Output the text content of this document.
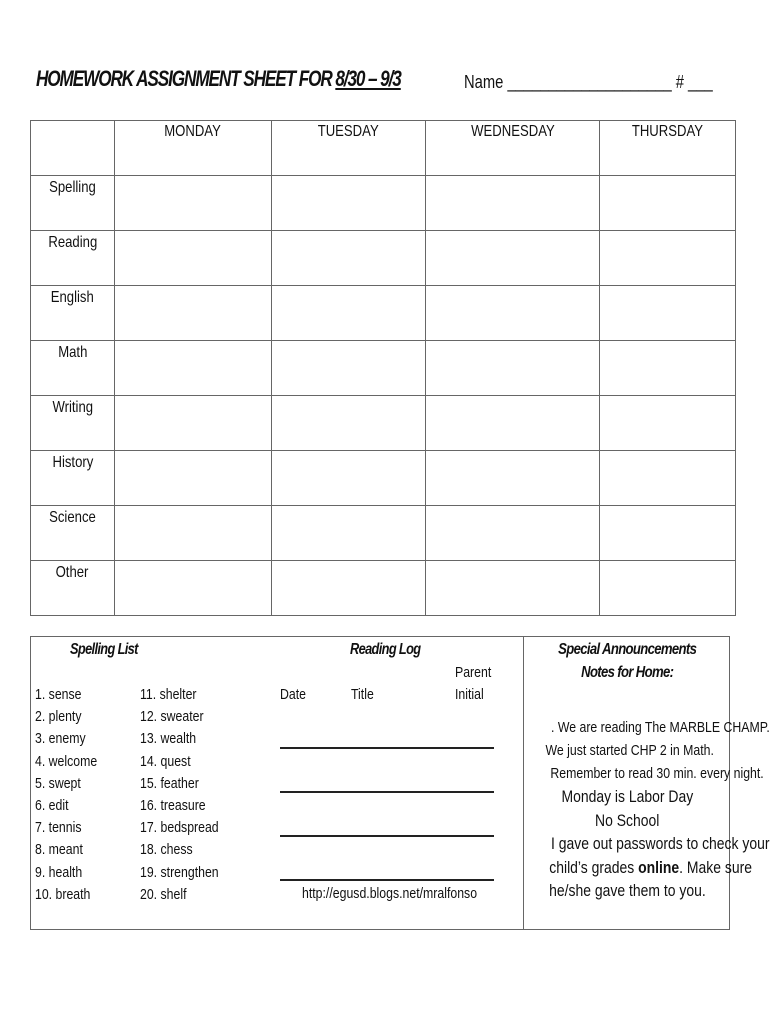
HOMEWORK ASSIGNMENT SHEET FOR 8/30 – 9/3	Name ____________________ # ___
	MONDAY	TUESDAY	WEDNESDAY	THURSDAY
Spelling				
Reading				
English				
Math				
Writing				
History				
Science				
Other				
Spelling List
1. sense
2. plenty
3. enemy
4. welcome
5. swept
6. edit
7. tennis
8. meant
9. health
10. breath
11. shelter
12. sweater
13. wealth
14. quest
15. feather
16. treasure
17. bedspread
18. chess
19. strengthen
20. shelf
Reading Log
Parent
Date	Title	Initial
http://egusd.blogs.net/mralfonso
Special Announcements
Notes for Home:
. We are reading The MARBLE CHAMP.
We just started CHP 2 in Math.
Remember to read 30 min. every night.
Monday is Labor Day
No School
I gave out passwords to check your
child’s grades online. Make sure
he/she gave them to you.
